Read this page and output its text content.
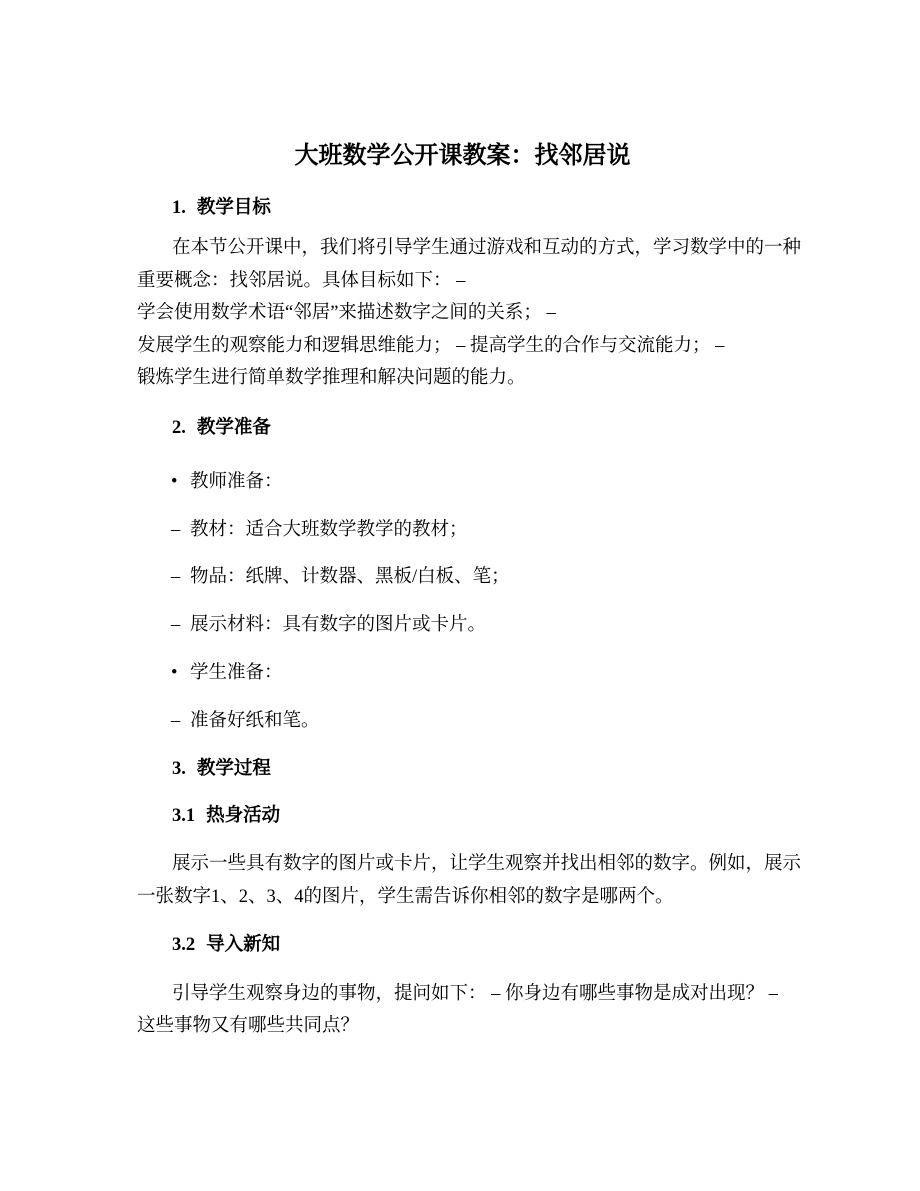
大班数学公开课教案：找邻居说
1. 教学目标
在本节公开课中，我们将引导学生通过游戏和互动的方式，学习数学中的一种
重要概念：找邻居说。具体目标如下： –
学会使用数学术语“邻居”来描述数字之间的关系； –
发展学生的观察能力和逻辑思维能力； – 提高学生的合作与交流能力； –
锻炼学生进行简单数学推理和解决问题的能力。
2. 教学准备
• 教师准备：
– 教材：适合大班数学教学的教材；
– 物品：纸牌、计数器、黑板/白板、笔；
– 展示材料：具有数字的图片或卡片。
• 学生准备：
– 准备好纸和笔。
3. 教学过程
3.1 热身活动
展示一些具有数字的图片或卡片，让学生观察并找出相邻的数字。例如，展示
一张数字1、2、3、4的图片，学生需告诉你相邻的数字是哪两个。
3.2 导入新知
引导学生观察身边的事物，提问如下： – 你身边有哪些事物是成对出现？ –
这些事物又有哪些共同点？
